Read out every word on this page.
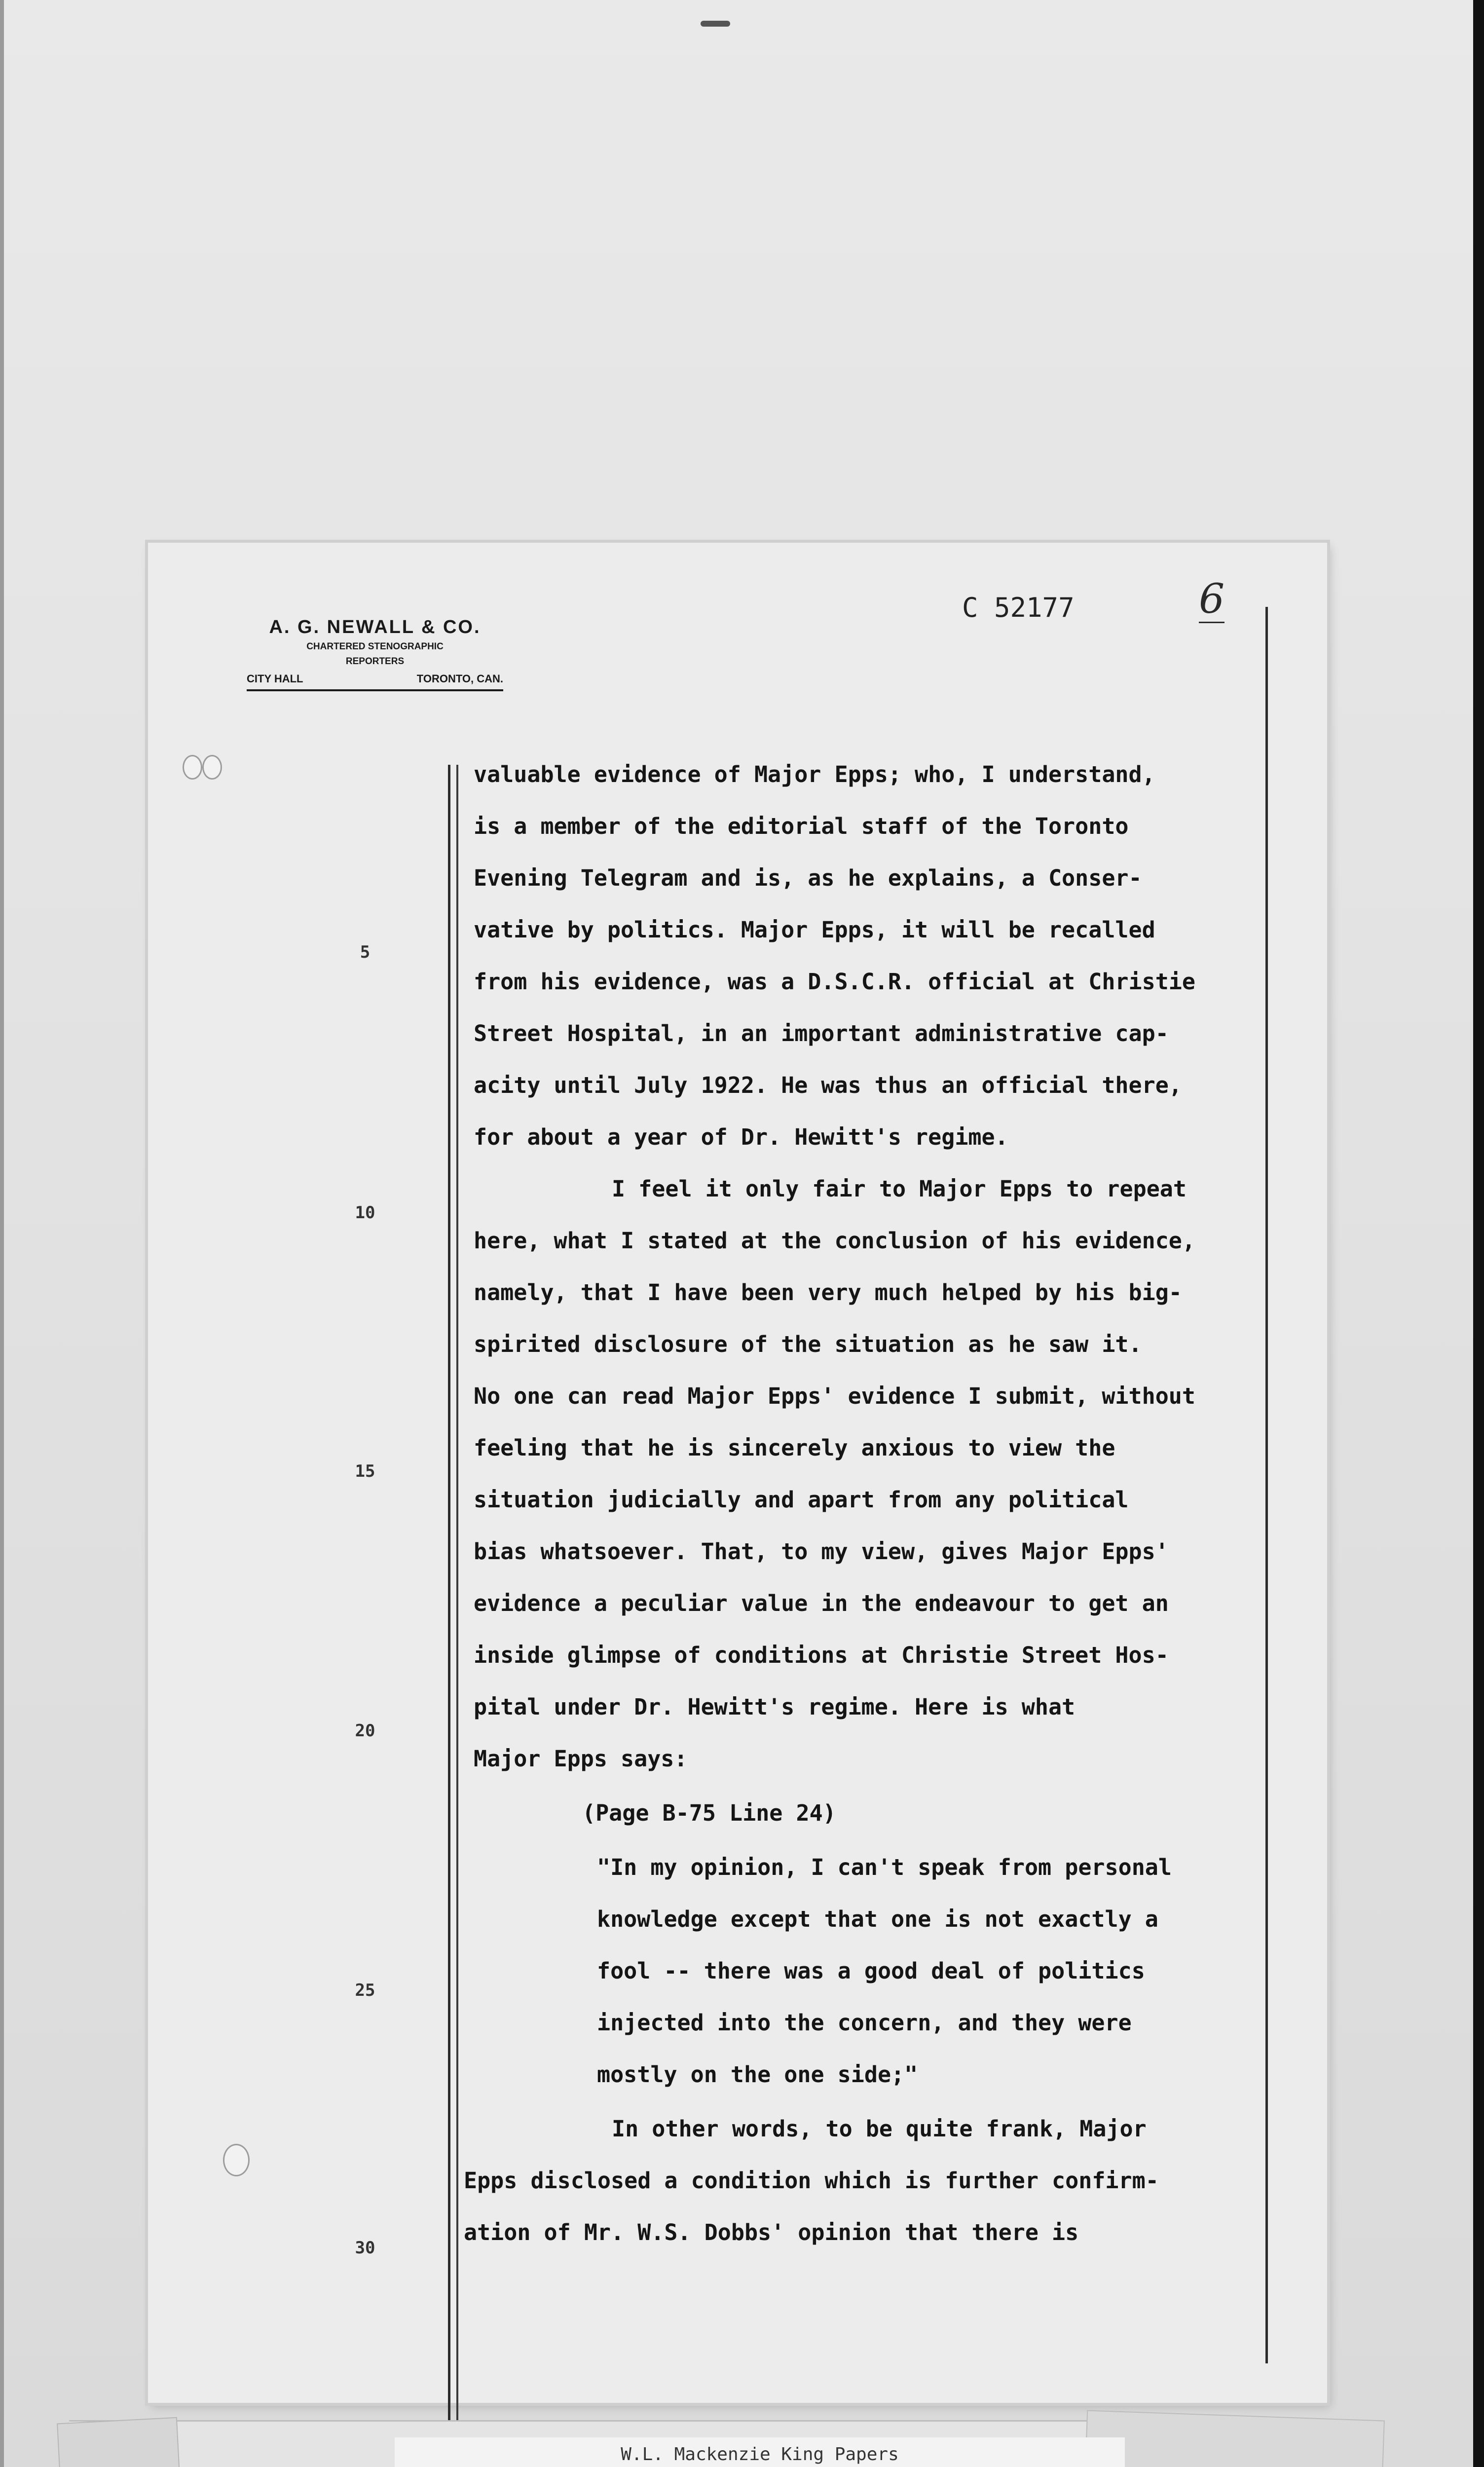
A. G. NEWALL & CO.
CHARTERED STENOGRAPHIC
REPORTERS
CITY HALL	TORONTO, CAN.
C 52177	6
5
10
15
20
25
30

valuable evidence of Major Epps; who, I understand,

is a member of the editorial staff of the Toronto

Evening Telegram and is, as he explains, a Conser-

vative by politics. Major Epps, it will be recalled

from his evidence, was a D.S.C.R. official at Christie

Street Hospital, in an important administrative cap-

acity until July 1922. He was thus an official there,

for about a year of Dr. Hewitt's regime.

I feel it only fair to Major Epps to repeat

here, what I stated at the conclusion of his evidence,

namely, that I have been very much helped by his big-

spirited disclosure of the situation as he saw it.

No one can read Major Epps' evidence I submit, without

feeling that he is sincerely anxious to view the

situation judicially and apart from any political

bias whatsoever. That, to my view, gives Major Epps'

evidence a peculiar value in the endeavour to get an

inside glimpse of conditions at Christie Street Hos-

pital under Dr. Hewitt's regime. Here is what

Major Epps says:

(Page B-75 Line 24)

"In my opinion, I can't speak from personal

knowledge except that one is not exactly a

fool -- there was a good deal of politics

injected into the concern, and they were

mostly on the one side;"

In other words, to be quite frank, Major

Epps disclosed a condition which is further confirm-

ation of Mr. W.S. Dobbs' opinion that there is

W.L. Mackenzie King Papers
